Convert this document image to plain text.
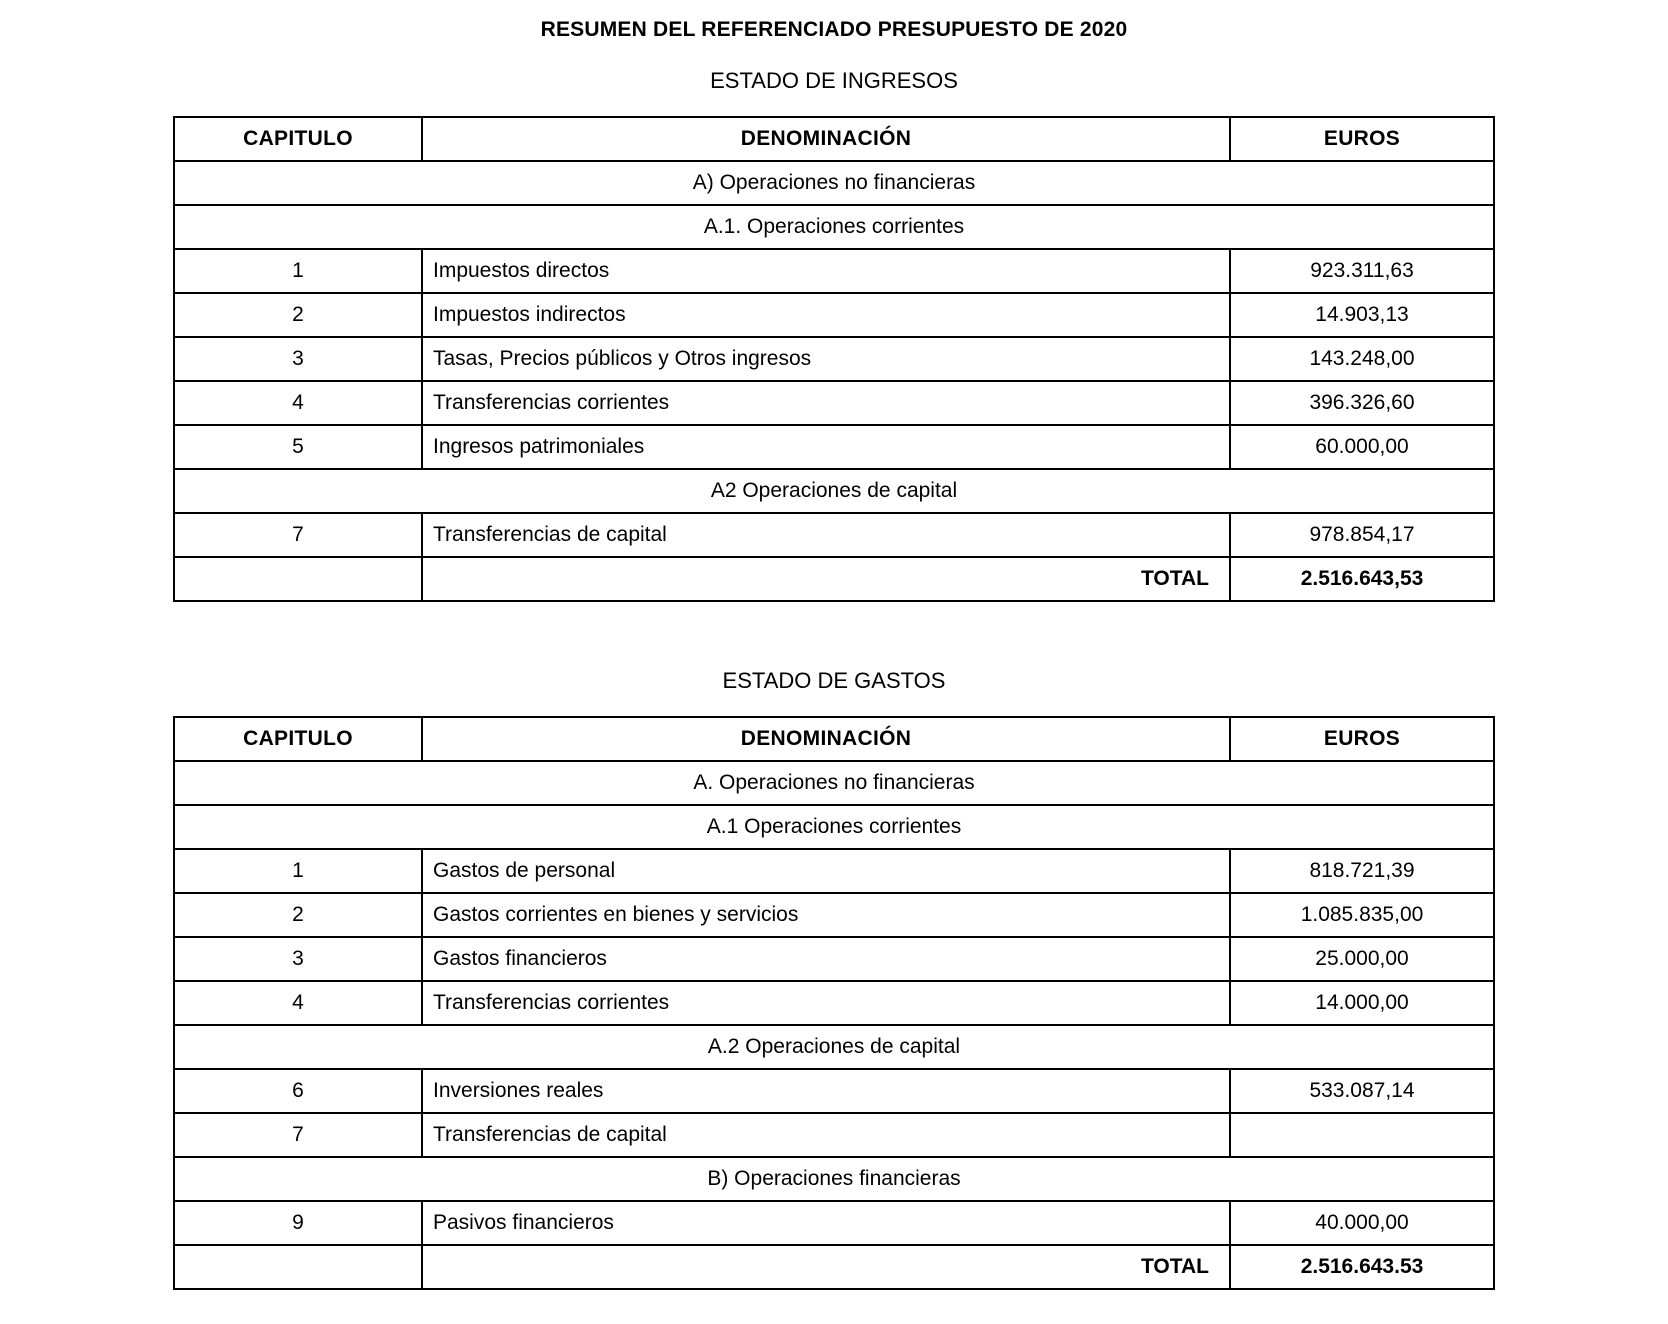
RESUMEN DEL REFERENCIADO PRESUPUESTO DE 2020
ESTADO DE INGRESOS
CAPITULO	DENOMINACIÓN	EUROS
A) Operaciones no financieras		
A.1. Operaciones corrientes		
1	Impuestos directos	923.311,63
2	Impuestos indirectos	14.903,13
3	Tasas, Precios públicos y Otros ingresos	143.248,00
4	Transferencias corrientes	396.326,60
5	Ingresos patrimoniales	60.000,00
A2 Operaciones de capital		
7	Transferencias de capital	978.854,17
	TOTAL	2.516.643,53
ESTADO DE GASTOS
CAPITULO	DENOMINACIÓN	EUROS
A. Operaciones no financieras		
A.1 Operaciones corrientes		
1	Gastos de personal	818.721,39
2	Gastos corrientes en bienes y servicios	1.085.835,00
3	Gastos financieros	25.000,00
4	Transferencias corrientes	14.000,00
A.2 Operaciones de capital		
6	Inversiones reales	533.087,14
7	Transferencias de capital	
B) Operaciones financieras		
9	Pasivos financieros	40.000,00
	TOTAL	2.516.643.53
